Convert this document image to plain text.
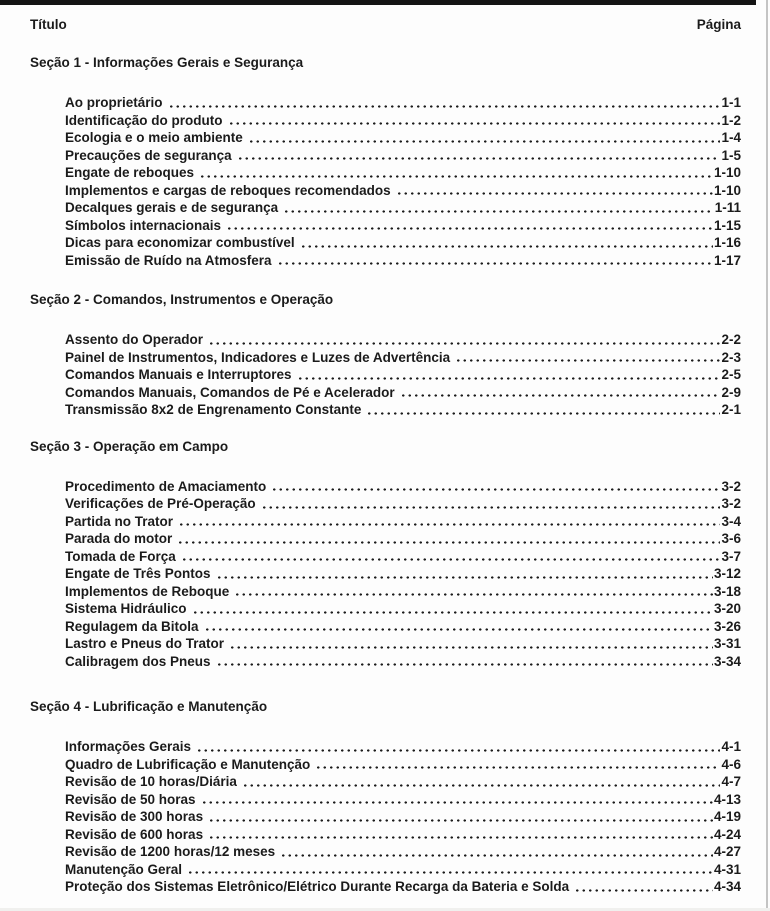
Título	Página
Seção 1 - Informações Gerais e Segurança
Ao proprietário	1-1
Identificação do produto	1-2
Ecologia e o meio ambiente	1-4
Precauções de segurança	1-5
Engate de reboques	1-10
Implementos e cargas de reboques recomendados	1-10
Decalques gerais e de segurança	1-11
Símbolos internacionais	1-15
Dicas para economizar combustível	1-16
Emissão de Ruído na Atmosfera	1-17
Seção 2 - Comandos, Instrumentos e Operação
Assento do Operador	2-2
Painel de Instrumentos, Indicadores e Luzes de Advertência	2-3
Comandos Manuais e Interruptores	2-5
Comandos Manuais, Comandos de Pé e Acelerador	2-9
Transmissão 8x2 de Engrenamento Constante	2-1
Seção 3 - Operação em Campo
Procedimento de Amaciamento	3-2
Verificações de Pré-Operação	3-2
Partida no Trator	3-4
Parada do motor	3-6
Tomada de Força	3-7
Engate de Três Pontos	3-12
Implementos de Reboque	3-18
Sistema Hidráulico	3-20
Regulagem da Bitola	3-26
Lastro e Pneus do Trator	3-31
Calibragem dos Pneus	3-34
Seção 4 - Lubrificação e Manutenção
Informações Gerais	4-1
Quadro de Lubrificação e Manutenção	4-6
Revisão de 10 horas/Diária	4-7
Revisão de 50 horas	4-13
Revisão de 300 horas	4-19
Revisão de 600 horas	4-24
Revisão de 1200 horas/12 meses	4-27
Manutenção Geral	4-31
Proteção dos Sistemas Eletrônico/Elétrico Durante Recarga da Bateria e Solda	4-34
